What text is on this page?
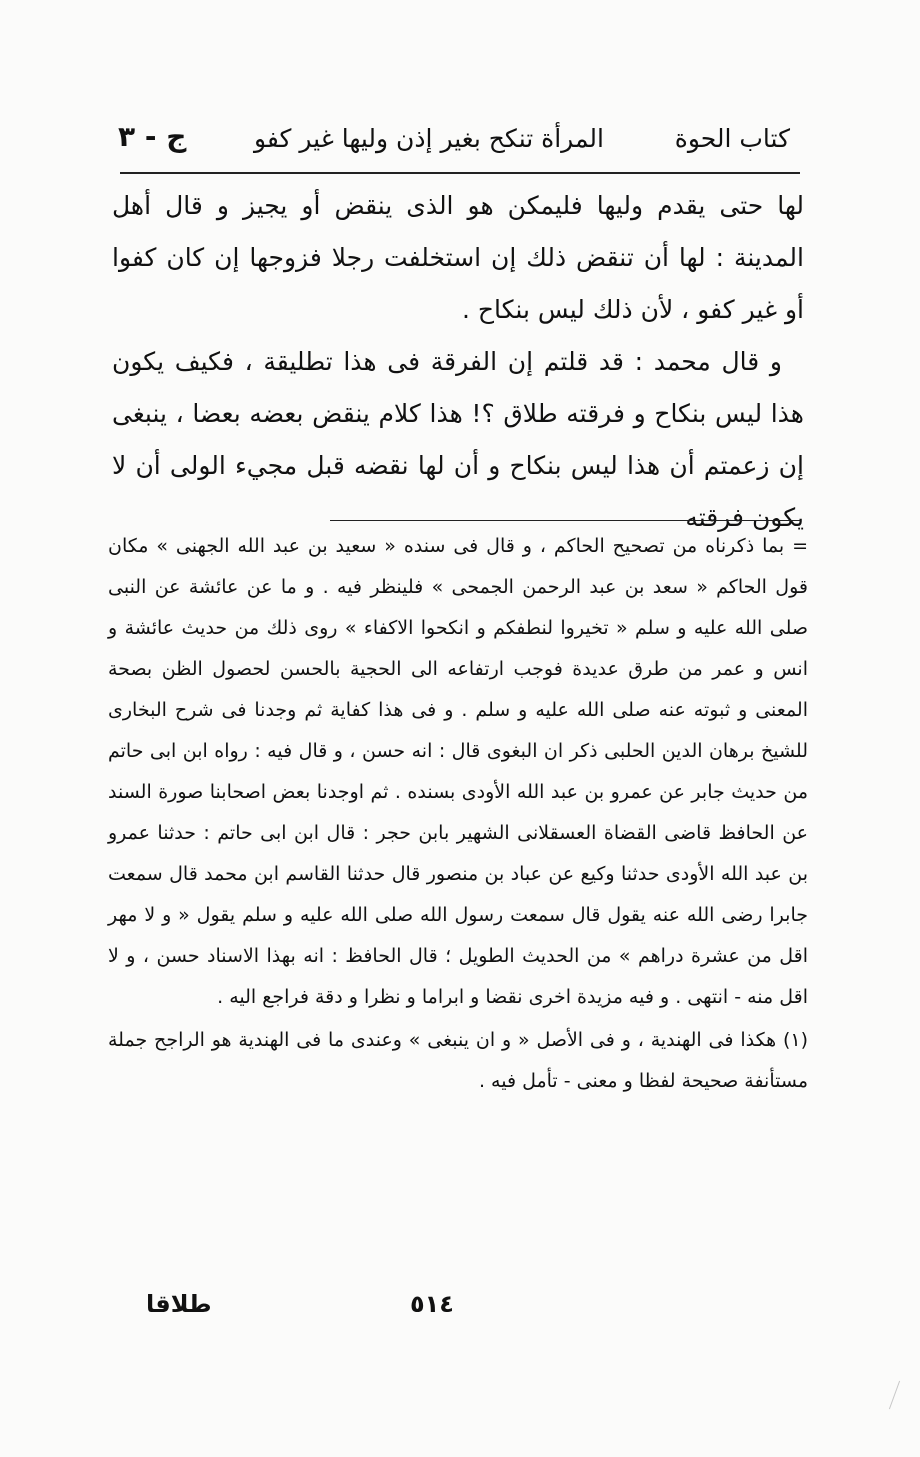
كتاب الحوة
المرأة تنكح بغير إذن وليها غير كفو
ج - ٣

لها حتى يقدم وليها فليمكن هو الذى ينقض أو يجيز و قال أهل المدينة : لها أن تنقض ذلك إن استخلفت رجلا فزوجها إن كان كفوا أو غير كفو ، لأن ذلك ليس بنكاح .

و قال محمد : قد قلتم إن الفرقة فى هذا تطليقة ، فكيف يكون هذا ليس بنكاح و فرقته طلاق ؟! هذا كلام ينقض بعضه بعضا ، ينبغى إن زعمتم أن هذا ليس بنكاح و أن لها نقضه قبل مجيء الولى أن لا يكون فرقته

= بما ذكرناه من تصحيح الحاكم ، و قال فى سنده « سعيد بن عبد الله الجهنى » مكان قول الحاكم « سعد بن عبد الرحمن الجمحى » فلينظر فيه . و ما عن عائشة عن النبى صلى الله عليه و سلم « تخيروا لنطفكم و انكحوا الاكفاء » روى ذلك من حديث عائشة و انس و عمر من طرق عديدة فوجب ارتفاعه الى الحجية بالحسن لحصول الظن بصحة المعنى و ثبوته عنه صلى الله عليه و سلم . و فى هذا كفاية ثم وجدنا فى شرح البخارى للشيخ برهان الدين الحلبى ذكر ان البغوى قال : انه حسن ، و قال فيه : رواه ابن ابى حاتم من حديث جابر عن عمرو بن عبد الله الأودى بسنده . ثم اوجدنا بعض اصحابنا صورة السند عن الحافظ قاضى القضاة العسقلانى الشهير بابن حجر : قال ابن ابى حاتم : حدثنا عمرو بن عبد الله الأودى حدثنا وكيع عن عباد بن منصور قال حدثنا القاسم ابن محمد قال سمعت جابرا رضى الله عنه يقول قال سمعت رسول الله صلى الله عليه و سلم يقول « و لا مهر اقل من عشرة دراهم » من الحديث الطويل ؛ قال الحافظ : انه بهذا الاسناد حسن ، و لا اقل منه - انتهى . و فيه مزيدة اخرى نقضا و ابراما و نظرا و دقة فراجع اليه .

(١) هكذا فى الهندية ، و فى الأصل « و ان ينبغى » وعندى ما فى الهندية هو الراجح جملة مستأنفة صحيحة لفظا و معنى - تأمل فيه .

٥١٤
طلاقا
